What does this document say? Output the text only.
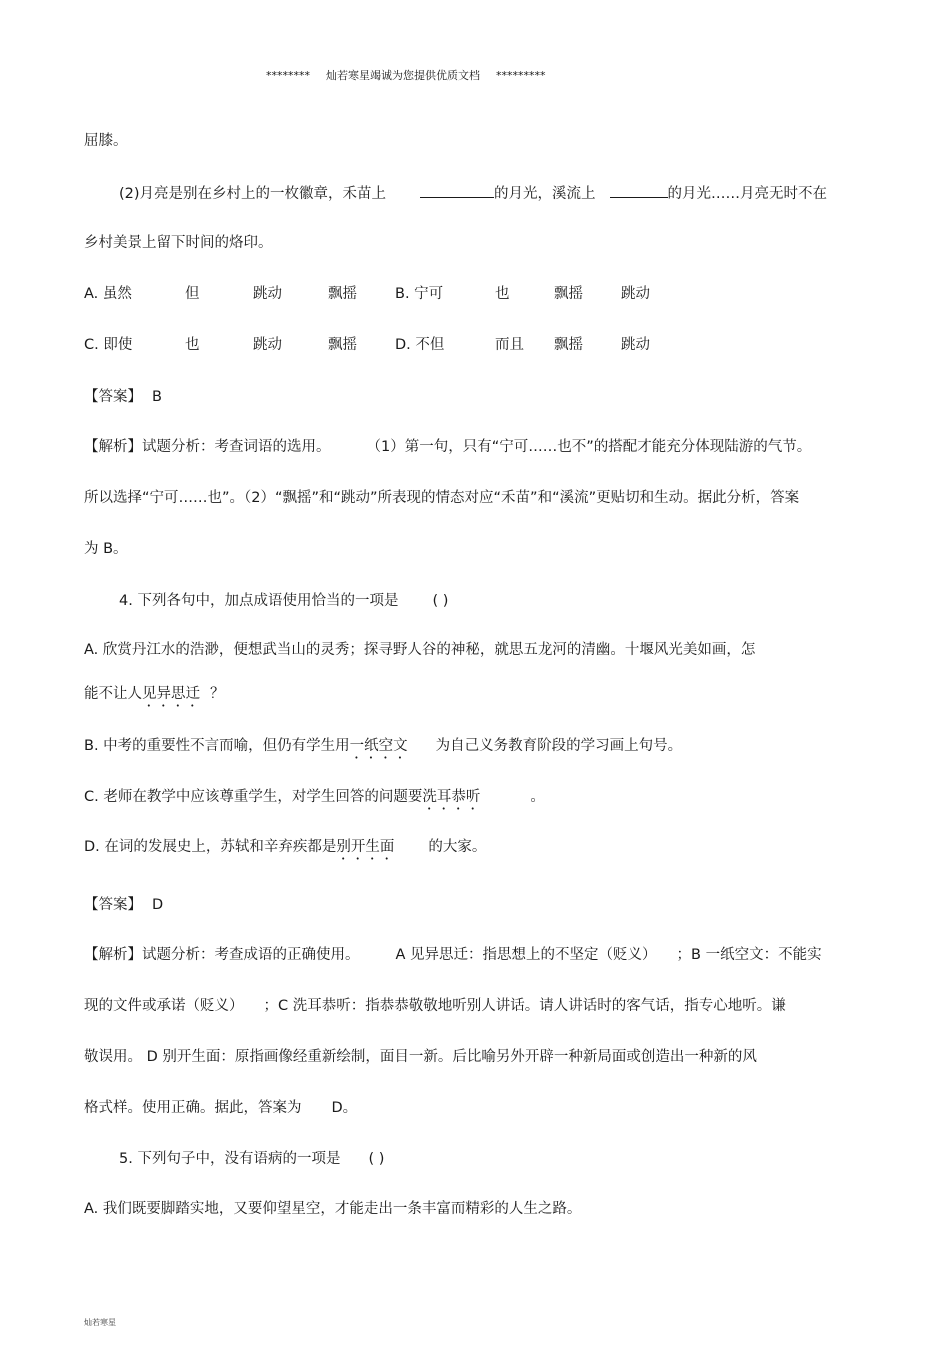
******** 灿若寒星竭诚为您提供优质文档 *********
屈膝。
(2)月亮是别在乡村上的一枚徽章，禾苗上	的月光，溪流上	的月光……月亮无时不在
乡村美景上留下时间的烙印。
A. 虽然	但	跳动	飘摇	B. 宁可	也	飘摇	跳动
C. 即使	也	跳动	飘摇	D. 不但	而且 飘摇	跳动
【答案】 B
【解析】试题分析：考查词语的选用。 （1）第一句，只有“宁可……也不”的搭配才能充分体现陆游的气节。
所以选择“宁可……也”。（2）“飘摇”和“跳动”所表现的情态对应“禾苗”和“溪流”更贴切和生动。据此分析，答案
为 B。
4. 下列各句中，加点成语使用恰当的一项是 ( )
A. 欣赏丹江水的浩渺，便想武当山的灵秀；探寻野人谷的神秘，就思五龙河的清幽。十堰风光美如画，怎
能不让人见异思迁 ？
B. 中考的重要性不言而喻，但仍有学生用一纸空文 为自己义务教育阶段的学习画上句号。
C. 老师在教学中应该尊重学生，对学生回答的问题要洗耳恭听	。
D. 在词的发展史上，苏轼和辛弃疾都是别开生面 的大家。
【答案】 D
【解析】试题分析：考查成语的正确使用。 A 见异思迁：指思想上的不坚定（贬义） ；B 一纸空文：不能实
现的文件或承诺（贬义） ；C 洗耳恭听：指恭恭敬敬地听别人讲话。请人讲话时的客气话，指专心地听。谦
敬误用。 D 别开生面：原指画像经重新绘制，面目一新。后比喻另外开辟一种新局面或创造出一种新的风
格式样。使用正确。据此，答案为 D。
5. 下列句子中，没有语病的一项是 ( )
A. 我们既要脚踏实地，又要仰望星空，才能走出一条丰富而精彩的人生之路。
灿若寒星
